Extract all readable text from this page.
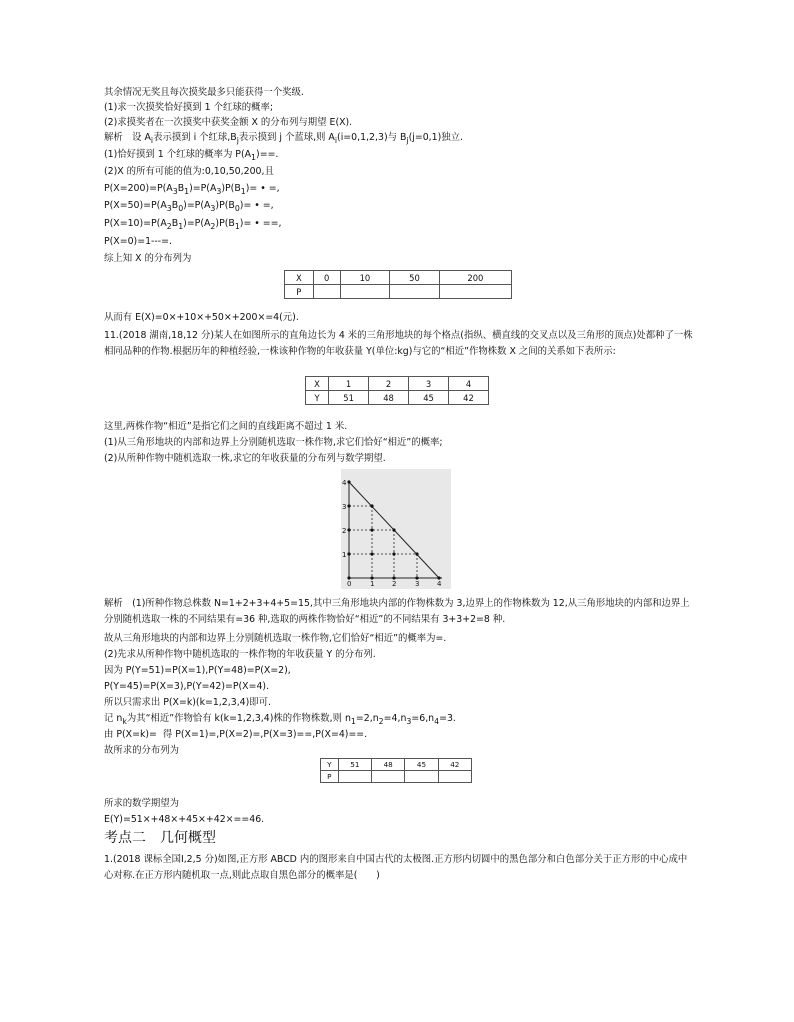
其余情况无奖且每次摸奖最多只能获得一个奖级.
(1)求一次摸奖恰好摸到 1 个红球的概率;
(2)求摸奖者在一次摸奖中获奖金额 X 的分布列与期望 E(X).
解析　设 $A_i$表示摸到 i 个红球$,B_j$表示摸到 j 个蓝球,则 $A_i(i=0,1,2,3)$与 $B_j(j=0,1)$独立.
(1)恰好摸到 1 个红球的概率为 $P(A_1)==$.
(2)X 的所有可能的值为:0,10,50,200,且
$P(X=200)=P(A_3B_1)=P(A_3)P(B_1)=$ • =,
$P(X=50)=P(A_3B_0)=P(A_3)P(B_0)=$ • =,
$P(X=10)=P(A_2B_1)=P(A_2)P(B_1)=$ • ==,
P(X=0)=1---=.
综上知 X 的分布列为
X	0	10	50	200
P				
从而有 E(X)=0×+10×+50×+200×=4(元).
11.(2018 湖南,18,12 分)某人在如图所示的直角边长为 4 米的三角形地块的每个格点(指纵、横直线的交叉点以及三角形的顶点)处都种了一株相同品种的作物.根据历年的种植经验,一株该种作物的年收获量 Y(单位:kg)与它的“相近”作物株数 X 之间的关系如下表所示:
X	1	2	3	4
Y	51	48	45	42
这里,两株作物“相近”是指它们之间的直线距离不超过 1 米.
(1)从三角形地块的内部和边界上分别随机选取一株作物,求它们恰好“相近”的概率;
(2)从所种作物中随机选取一株,求它的年收获量的分布列与数学期望.
0	1	2	3	4
1
2
3
4
解析　(1)所种作物总株数 N=1+2+3+4+5=15,其中三角形地块内部的作物株数为 3,边界上的作物株数为 12,从三角形地块的内部和边界上分别随机选取一株的不同结果有=36 种,选取的两株作物恰好“相近”的不同结果有 3+3+2=8 种.
故从三角形地块的内部和边界上分别随机选取一株作物,它们恰好“相近”的概率为=.
(2)先求从所种作物中随机选取的一株作物的年收获量 Y 的分布列.
因为 P(Y=51)=P(X=1),P(Y=48)=P(X=2),
P(Y=45)=P(X=3),P(Y=42)=P(X=4).
所以只需求出 P(X=k)(k=1,2,3,4)即可.
记 $n_k$为其“相近”作物恰有 k(k=1,2,3,4)株的作物株数,则 $n_1=2,n_2=4,n_3=6,n_4=3$.
由 P(X=k)= 得 P(X=1)=,P(X=2)=,P(X=3)==,P(X=4)==.
故所求的分布列为
Y	51	48	45	42
P				
所求的数学期望为
E(Y)=51×+48×+45×+42×==46.
考点二　几何概型
1.(2018 课标全国Ⅰ,2,5 分)如图,正方形 ABCD 内的图形来自中国古代的太极图.正方形内切圆中的黑色部分和白色部分关于正方形的中心成中心对称.在正方形内随机取一点,则此点取自黑色部分的概率是(　　)
